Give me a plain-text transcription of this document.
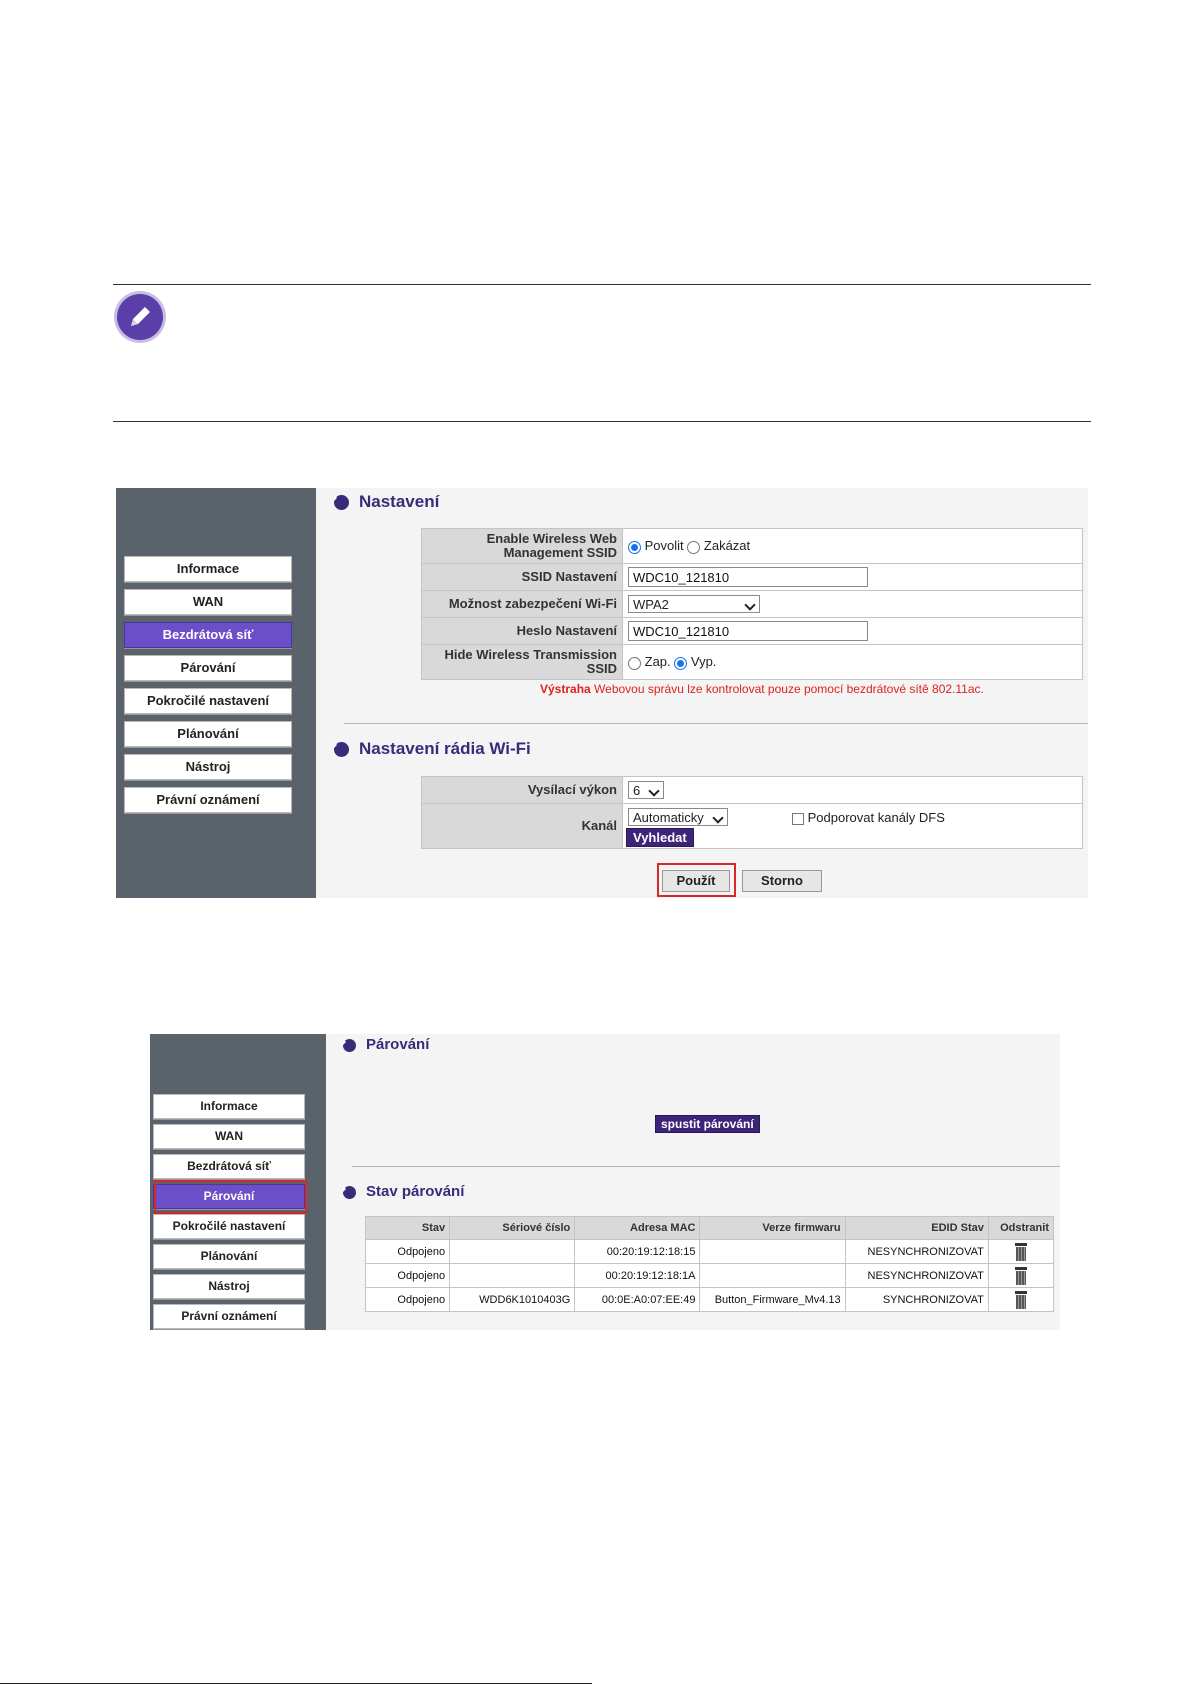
Informace
WAN
Bezdrátová síť
Párování
Pokročilé nastavení
Plánování
Nástroj
Právní oznámení
Nastavení
Enable Wireless Web Management SSID	Povolit Zakázat
SSID Nastavení	WDC10_121810
Možnost zabezpečení Wi-Fi	WPA2

Heslo Nastavení	WDC10_121810
Hide Wireless Transmission SSID	Zap. Vyp.
Výstraha Webovou správu lze kontrolovat pouze pomocí bezdrátové sítě 802.11ac.
Nastavení rádia Wi-Fi
Vysílací výkon	6

Kanál	Automaticky
Vyhledat
Podporovat kanály DFS
Použít	Storno
Informace
WAN
Bezdrátová síť
Párování
Pokročilé nastavení
Plánování
Nástroj
Právní oznámení
Párování
spustit párování
Stav párování
Stav	Sériové číslo	Adresa MAC	Verze firmwaru	EDID Stav	Odstranit
Odpojeno		00:20:19:12:18:15		NESYNCHRONIZOVAT	

Odpojeno		00:20:19:12:18:1A		NESYNCHRONIZOVAT	

Odpojeno	WDD6K1010403G	00:0E:A0:07:EE:49	Button_Firmware_Mv4.13	SYNCHRONIZOVAT	
